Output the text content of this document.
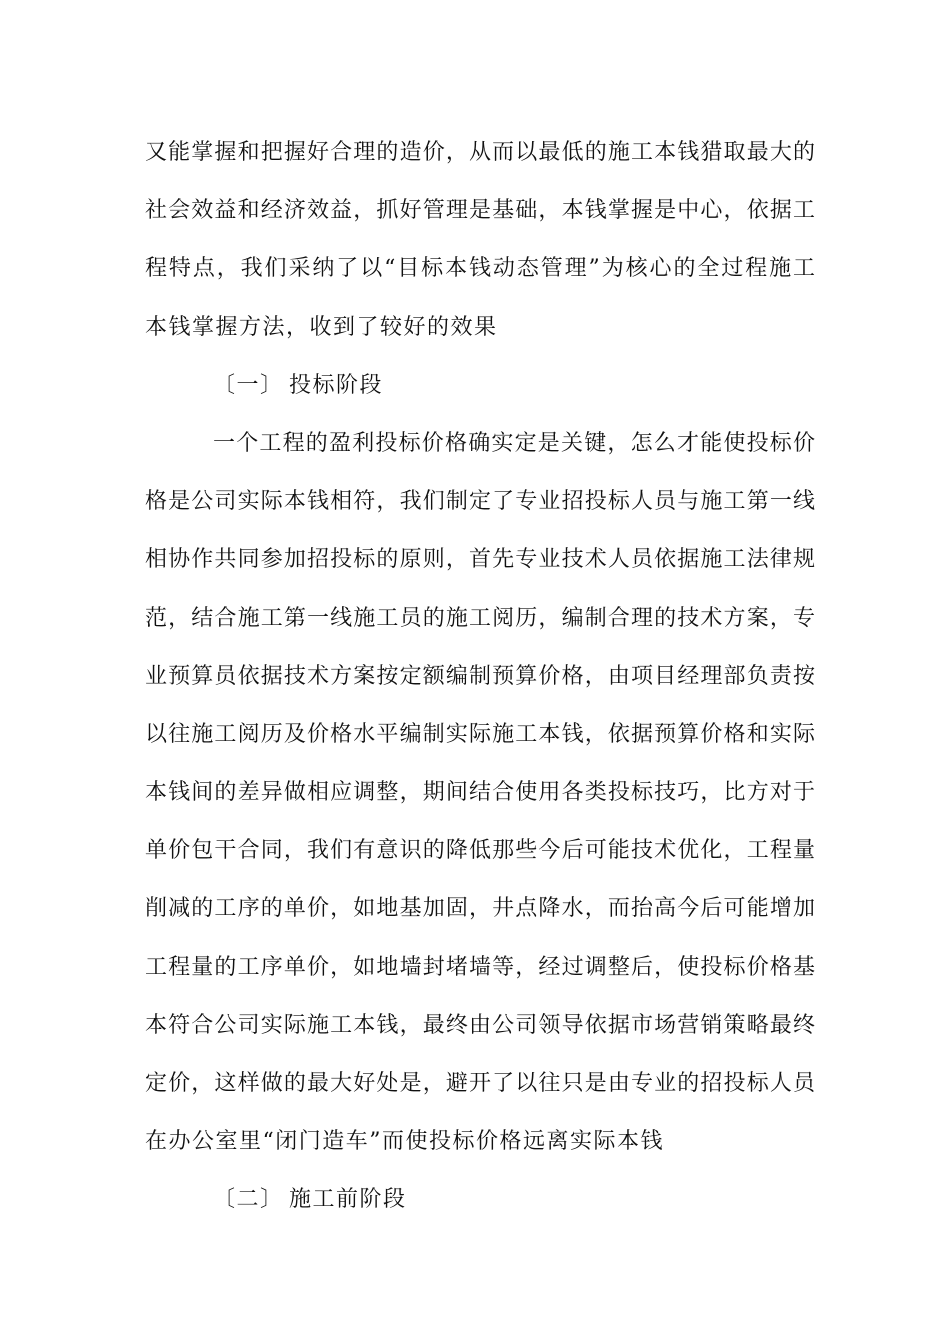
又能掌握和把握好合理的造价，从而以最低的施工本钱猎取最大的
社会效益和经济效益，抓好管理是基础，本钱掌握是中心，依据工
程特点，我们采纳了以“目标本钱动态管理”为核心的全过程施工
本钱掌握方法，收到了较好的效果
〔一〕 投标阶段
一个工程的盈利投标价格确实定是关键，怎么才能使投标价
格是公司实际本钱相符，我们制定了专业招投标人员与施工第一线
相协作共同参加招投标的原则，首先专业技术人员依据施工法律规
范，结合施工第一线施工员的施工阅历，编制合理的技术方案，专
业预算员依据技术方案按定额编制预算价格，由项目经理部负责按
以往施工阅历及价格水平编制实际施工本钱，依据预算价格和实际
本钱间的差异做相应调整，期间结合使用各类投标技巧，比方对于
单价包干合同，我们有意识的降低那些今后可能技术优化，工程量
削减的工序的单价，如地基加固，井点降水，而抬高今后可能增加
工程量的工序单价，如地墙封堵墙等，经过调整后，使投标价格基
本符合公司实际施工本钱，最终由公司领导依据市场营销策略最终
定价，这样做的最大好处是，避开了以往只是由专业的招投标人员
在办公室里“闭门造车”而使投标价格远离实际本钱
〔二〕 施工前阶段
